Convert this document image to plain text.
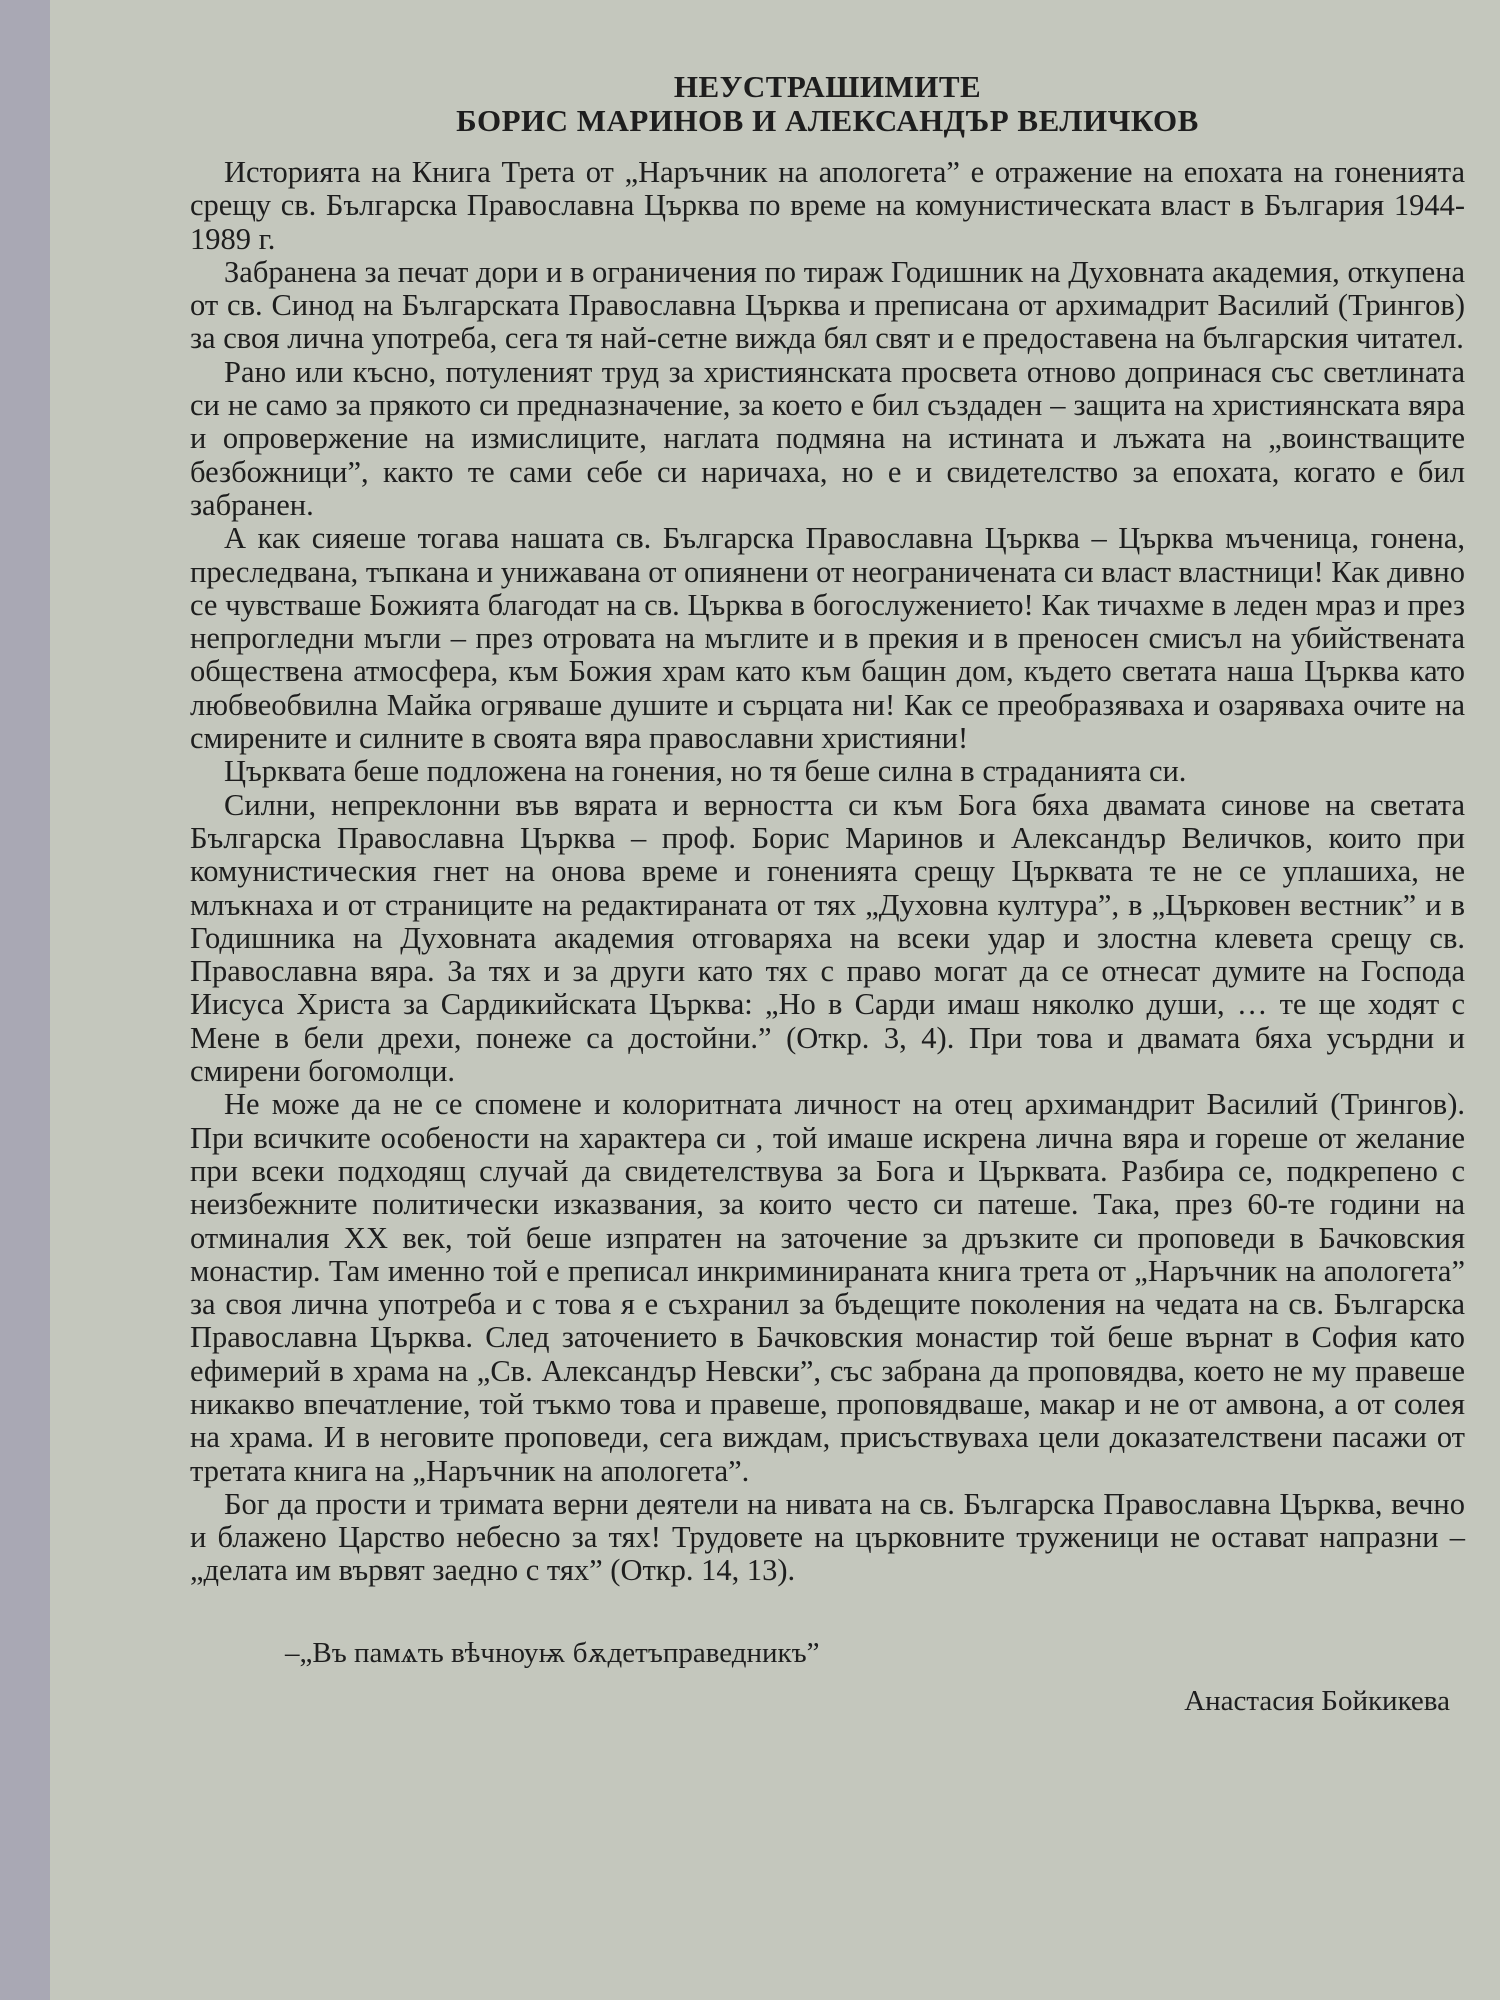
НЕУСТРАШИМИТЕ
БОРИС МАРИНОВ И АЛЕКСАНДЪР ВЕЛИЧКОВ

Историята на Книга Трета от „Наръчник на апологета” е отражение на епохата на гоненията срещу св. Българска Православна Църква по време на комунистическата власт в България 1944-1989 г.

Забранена за печат дори и в ограничения по тираж Годишник на Духовната академия, откупена от св. Синод на Българската Православна Църква и преписана от архимадрит Василий (Трингов) за своя лична употреба, сега тя най-сетне вижда бял свят и е предоставена на българския читател.

Рано или късно, потуленият труд за християнската просвета отново допринася със светлината си не само за прякото си предназначение, за което е бил създаден – защита на християнската вяра и опровержение на измислиците, наглата подмяна на истината и лъжата на „воинстващите безбожници”, както те сами себе си наричаха, но е и свидетелство за епохата, когато е бил забранен.

А как сияеше тогава нашата св. Българска Православна Църква – Църква мъченица, гонена, преследвана, тъпкана и унижавана от опиянени от неограничената си власт властници! Как дивно се чувстваше Божията благодат на св. Църква в богослужението! Как тичахме в леден мраз и през непрогледни мъгли – през отровата на мъглите и в прекия и в преносен смисъл на убийствената обществена атмосфера, към Божия храм като към бащин дом, където светата наша Църква като любвеобвилна Майка огряваше душите и сърцата ни! Как се преобразяваха и озаряваха очите на смирените и силните в своята вяра православни християни!

Църквата беше подложена на гонения, но тя беше силна в страданията си.

Силни, непреклонни във вярата и верността си към Бога бяха двамата синове на светата Българска Православна Църква – проф. Борис Маринов и Александър Величков, които при комунистическия гнет на онова време и гоненията срещу Църквата те не се уплашиха, не млъкнаха и от страниците на редактираната от тях „Духовна култура”, в „Църковен вестник” и в Годишника на Духовната академия отговаряха на всеки удар и злостна клевета срещу св. Православна вяра. За тях и за други като тях с право могат да се отнесат думите на Господа Иисуса Христа за Сардикийската Църква: „Но в Сарди имаш няколко души, … те ще ходят с Мене в бели дрехи, понеже са достойни.” (Откр. 3, 4). При това и двамата бяха усърдни и смирени богомолци.

Не може да не се спомене и колоритната личност на отец архимандрит Василий (Трингов). При всичките особености на характера си , той имаше искрена лична вяра и гореше от желание при всеки подходящ случай да свидетелствува за Бога и Църквата. Разбира се, подкрепено с неизбежните политически изказвания, за които често си патеше. Така, през 60-те години на отминалия XX век, той беше изпратен на заточение за дръзките си проповеди в Бачковския монастир. Там именно той е преписал инкриминираната книга трета от „Наръчник на апологета” за своя лична употреба и с това я е съхранил за бъдещите поколения на чедата на св. Българска Православна Църква. След заточението в Бачковския монастир той беше върнат в София като ефимерий в храма на „Св. Александър Невски”, със забрана да проповядва, което не му правеше никакво впечатление, той тъкмо това и правеше, проповядваше, макар и не от амвона, а от солея на храма. И в неговите проповеди, сега виждам, присъствуваха цели доказателствени пасажи от третата книга на „Наръчник на апологета”.

Бог да прости и тримата верни деятели на нивата на св. Българска Православна Църква, вечно и блажено Царство небесно за тях! Трудовете на църковните труженици не остават напразни – „делата им вървят заедно с тях” (Откр. 14, 13).

–„Въ памѧть вѣчноуѭ бѫдетъправедникъ”
Анастасия Бойкикева
